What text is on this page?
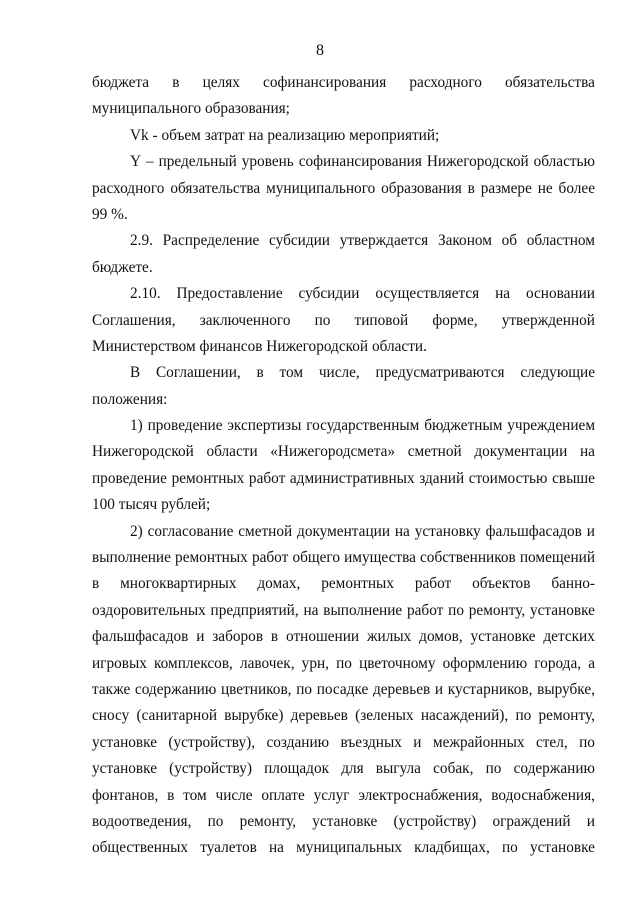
8
бюджета в целях софинансирования расходного обязательства
муниципального образования;
Vk - объем затрат на реализацию мероприятий;
Y – предельный уровень софинансирования Нижегородской областью
расходного обязательства муниципального образования в размере не более
99 %.
2.9. Распределение субсидии утверждается Законом об областном
бюджете.
2.10. Предоставление субсидии осуществляется на основании
Соглашения, заключенного по типовой форме, утвержденной
Министерством финансов Нижегородской области.
В Соглашении, в том числе, предусматриваются следующие
положения:
1) проведение экспертизы государственным бюджетным учреждением
Нижегородской области «Нижегородсмета» сметной документации на
проведение ремонтных работ административных зданий стоимостью свыше
100 тысяч рублей;
2) согласование сметной документации на установку фальшфасадов и
выполнение ремонтных работ общего имущества собственников помещений
в многоквартирных домах, ремонтных работ объектов банно-
оздоровительных предприятий, на выполнение работ по ремонту, установке
фальшфасадов и заборов в отношении жилых домов, установке детских
игровых комплексов, лавочек, урн, по цветочному оформлению города, а
также содержанию цветников, по посадке деревьев и кустарников, вырубке,
сносу (санитарной вырубке) деревьев (зеленых насаждений), по ремонту,
установке (устройству), созданию въездных и межрайонных стел, по
установке (устройству) площадок для выгула собак, по содержанию
фонтанов, в том числе оплате услуг электроснабжения, водоснабжения,
водоотведения, по ремонту, установке (устройству) ограждений и
общественных туалетов на муниципальных кладбищах, по установке
